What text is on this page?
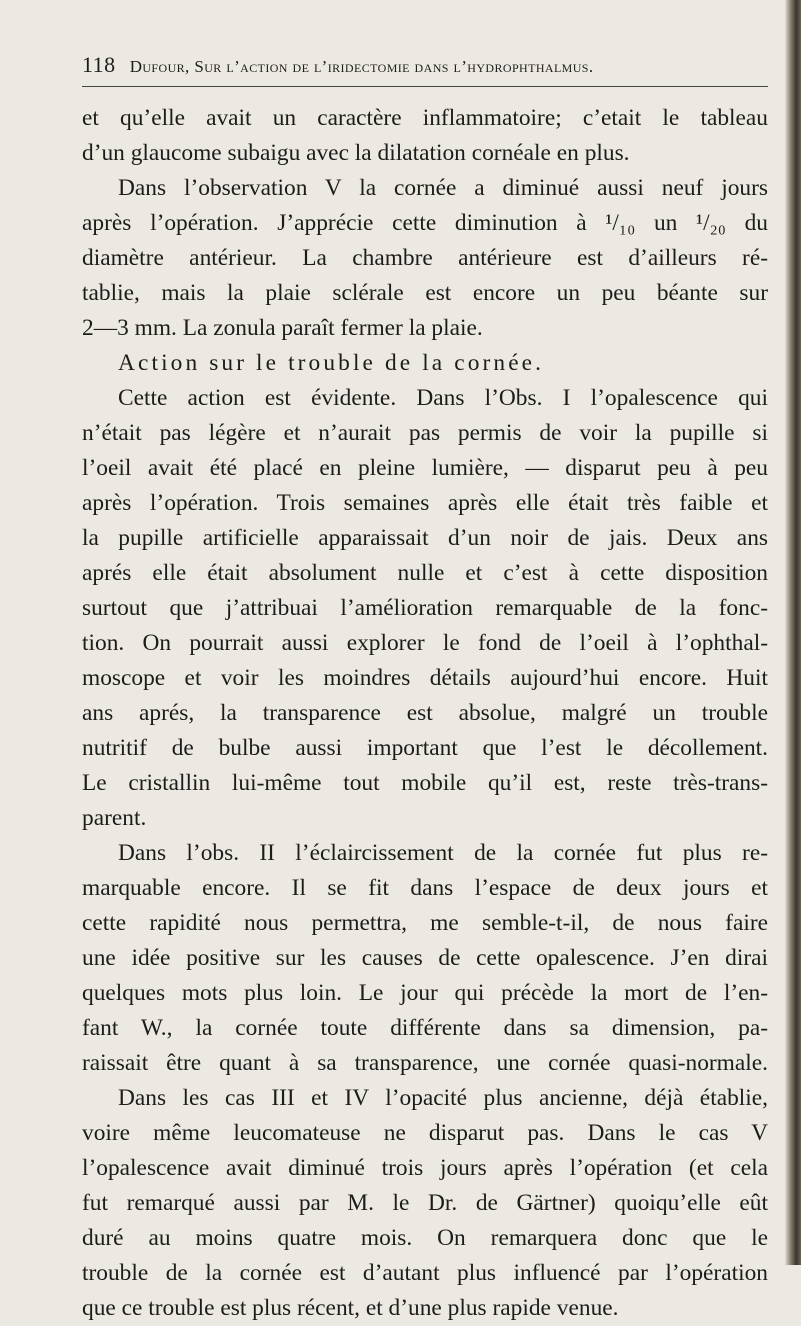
118 Dufour, Sur l’action de l’iridectomie dans l’hydrophthalmus.
et qu’elle avait un caractère inflammatoire; c’etait le tableau
d’un glaucome subaigu avec la dilatation cornéale en plus.
Dans l’observation V la cornée a diminué aussi neuf jours
après l’opération. J’apprécie cette diminution à ¹/₁₀ un ¹/₂₀ du
diamètre antérieur. La chambre antérieure est d’ailleurs ré-
tablie, mais la plaie sclérale est encore un peu béante sur
2—3 mm. La zonula paraît fermer la plaie.
Action sur le trouble de la cornée.
Cette action est évidente. Dans l’Obs. I l’opalescence qui
n’était pas légère et n’aurait pas permis de voir la pupille si
l’oeil avait été placé en pleine lumière, — disparut peu à peu
après l’opération. Trois semaines après elle était très faible et
la pupille artificielle apparaissait d’un noir de jais. Deux ans
aprés elle était absolument nulle et c’est à cette disposition
surtout que j’attribuai l’amélioration remarquable de la fonc-
tion. On pourrait aussi explorer le fond de l’oeil à l’ophthal-
moscope et voir les moindres détails aujourd’hui encore. Huit
ans aprés, la transparence est absolue, malgré un trouble
nutritif de bulbe aussi important que l’est le décollement.
Le cristallin lui-même tout mobile qu’il est, reste très-trans-
parent.
Dans l’obs. II l’éclaircissement de la cornée fut plus re-
marquable encore. Il se fit dans l’espace de deux jours et
cette rapidité nous permettra, me semble-t-il, de nous faire
une idée positive sur les causes de cette opalescence. J’en dirai
quelques mots plus loin. Le jour qui précède la mort de l’en-
fant W., la cornée toute différente dans sa dimension, pa-
raissait être quant à sa transparence, une cornée quasi-normale.
Dans les cas III et IV l’opacité plus ancienne, déjà établie,
voire même leucomateuse ne disparut pas. Dans le cas V
l’opalescence avait diminué trois jours après l’opération (et cela
fut remarqué aussi par M. le Dr. de Gärtner) quoiqu’elle eût
duré au moins quatre mois. On remarquera donc que le
trouble de la cornée est d’autant plus influencé par l’opération
que ce trouble est plus récent, et d’une plus rapide venue.
